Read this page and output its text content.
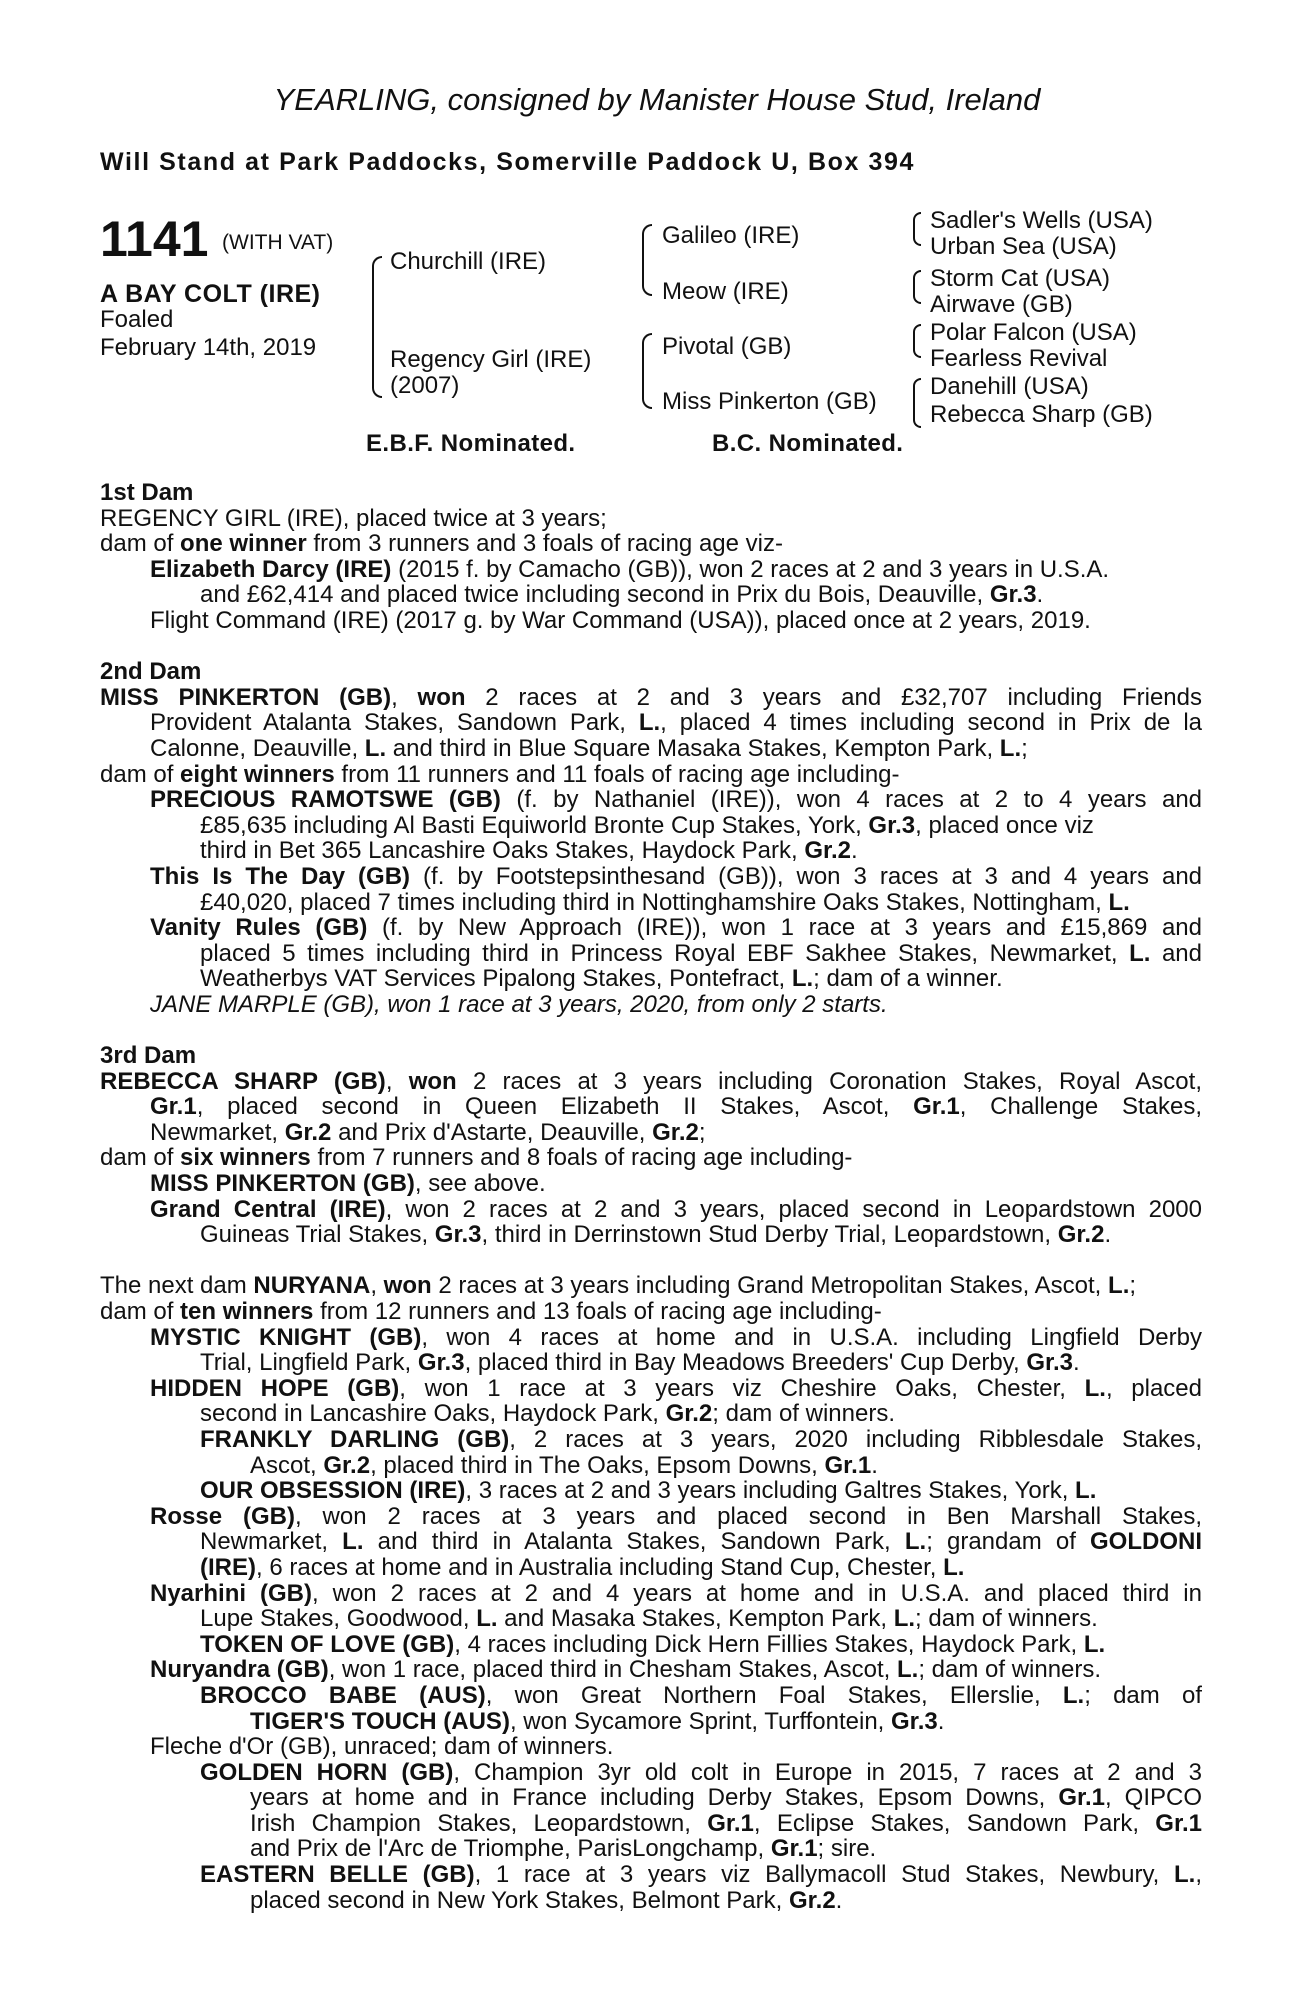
YEARLING, consigned by Manister House Stud, Ireland
Will Stand at Park Paddocks, Somerville Paddock U, Box 394
1141 (WITH VAT)
A BAY COLT (IRE)
Foaled
February 14th, 2019
Churchill (IRE)
Regency Girl (IRE)
(2007)
Galileo (IRE)
Meow (IRE)
Pivotal (GB)
Miss Pinkerton (GB)
Sadler's Wells (USA)
Urban Sea (USA)
Storm Cat (USA)
Airwave (GB)
Polar Falcon (USA)
Fearless Revival
Danehill (USA)
Rebecca Sharp (GB)
E.B.F. Nominated.	B.C. Nominated.
1st Dam
REGENCY GIRL (IRE), placed twice at 3 years;
dam of one winner from 3 runners and 3 foals of racing age viz-
Elizabeth Darcy (IRE) (2015 f. by Camacho (GB)), won 2 races at 2 and 3 years in U.S.A.
and £62,414 and placed twice including second in Prix du Bois, Deauville, Gr.3.
Flight Command (IRE) (2017 g. by War Command (USA)), placed once at 2 years, 2019.
2nd Dam
MISS PINKERTON (GB), won 2 races at 2 and 3 years and £32,707 including Friends
Provident Atalanta Stakes, Sandown Park, L., placed 4 times including second in Prix de la
Calonne, Deauville, L. and third in Blue Square Masaka Stakes, Kempton Park, L.;
dam of eight winners from 11 runners and 11 foals of racing age including-
PRECIOUS RAMOTSWE (GB) (f. by Nathaniel (IRE)), won 4 races at 2 to 4 years and
£85,635 including Al Basti Equiworld Bronte Cup Stakes, York, Gr.3, placed once viz
third in Bet 365 Lancashire Oaks Stakes, Haydock Park, Gr.2.
This Is The Day (GB) (f. by Footstepsinthesand (GB)), won 3 races at 3 and 4 years and
£40,020, placed 7 times including third in Nottinghamshire Oaks Stakes, Nottingham, L.
Vanity Rules (GB) (f. by New Approach (IRE)), won 1 race at 3 years and £15,869 and
placed 5 times including third in Princess Royal EBF Sakhee Stakes, Newmarket, L. and
Weatherbys VAT Services Pipalong Stakes, Pontefract, L.; dam of a winner.
JANE MARPLE (GB), won 1 race at 3 years, 2020, from only 2 starts.
3rd Dam
REBECCA SHARP (GB), won 2 races at 3 years including Coronation Stakes, Royal Ascot,
Gr.1, placed second in Queen Elizabeth II Stakes, Ascot, Gr.1, Challenge Stakes,
Newmarket, Gr.2 and Prix d'Astarte, Deauville, Gr.2;
dam of six winners from 7 runners and 8 foals of racing age including-
MISS PINKERTON (GB), see above.
Grand Central (IRE), won 2 races at 2 and 3 years, placed second in Leopardstown 2000
Guineas Trial Stakes, Gr.3, third in Derrinstown Stud Derby Trial, Leopardstown, Gr.2.
The next dam NURYANA, won 2 races at 3 years including Grand Metropolitan Stakes, Ascot, L.;
dam of ten winners from 12 runners and 13 foals of racing age including-
MYSTIC KNIGHT (GB), won 4 races at home and in U.S.A. including Lingfield Derby
Trial, Lingfield Park, Gr.3, placed third in Bay Meadows Breeders' Cup Derby, Gr.3.
HIDDEN HOPE (GB), won 1 race at 3 years viz Cheshire Oaks, Chester, L., placed
second in Lancashire Oaks, Haydock Park, Gr.2; dam of winners.
FRANKLY DARLING (GB), 2 races at 3 years, 2020 including Ribblesdale Stakes,
Ascot, Gr.2, placed third in The Oaks, Epsom Downs, Gr.1.
OUR OBSESSION (IRE), 3 races at 2 and 3 years including Galtres Stakes, York, L.
Rosse (GB), won 2 races at 3 years and placed second in Ben Marshall Stakes,
Newmarket, L. and third in Atalanta Stakes, Sandown Park, L.; grandam of GOLDONI
(IRE), 6 races at home and in Australia including Stand Cup, Chester, L.
Nyarhini (GB), won 2 races at 2 and 4 years at home and in U.S.A. and placed third in
Lupe Stakes, Goodwood, L. and Masaka Stakes, Kempton Park, L.; dam of winners.
TOKEN OF LOVE (GB), 4 races including Dick Hern Fillies Stakes, Haydock Park, L.
Nuryandra (GB), won 1 race, placed third in Chesham Stakes, Ascot, L.; dam of winners.
BROCCO BABE (AUS), won Great Northern Foal Stakes, Ellerslie, L.; dam of
TIGER'S TOUCH (AUS), won Sycamore Sprint, Turffontein, Gr.3.
Fleche d'Or (GB), unraced; dam of winners.
GOLDEN HORN (GB), Champion 3yr old colt in Europe in 2015, 7 races at 2 and 3
years at home and in France including Derby Stakes, Epsom Downs, Gr.1, QIPCO
Irish Champion Stakes, Leopardstown, Gr.1, Eclipse Stakes, Sandown Park, Gr.1
and Prix de l'Arc de Triomphe, ParisLongchamp, Gr.1; sire.
EASTERN BELLE (GB), 1 race at 3 years viz Ballymacoll Stud Stakes, Newbury, L.,
placed second in New York Stakes, Belmont Park, Gr.2.
